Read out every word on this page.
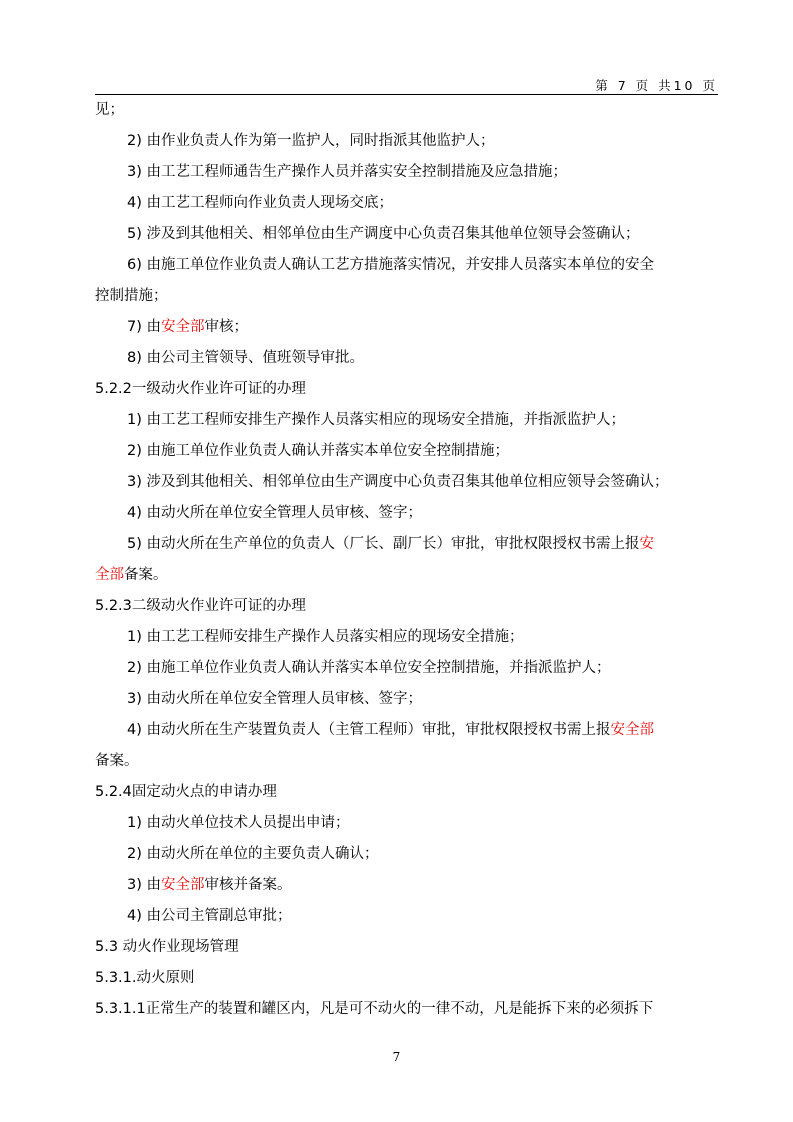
第 7 页 共10 页
见；
2) 由作业负责人作为第一监护人，同时指派其他监护人；
3) 由工艺工程师通告生产操作人员并落实安全控制措施及应急措施；
4) 由工艺工程师向作业负责人现场交底；
5) 涉及到其他相关、相邻单位由生产调度中心负责召集其他单位领导会签确认；
6) 由施工单位作业负责人确认工艺方措施落实情况，并安排人员落实本单位的安全
控制措施；
7) 由安全部审核；
8) 由公司主管领导、值班领导审批。
5.2.2一级动火作业许可证的办理
1) 由工艺工程师安排生产操作人员落实相应的现场安全措施，并指派监护人；
2) 由施工单位作业负责人确认并落实本单位安全控制措施；
3) 涉及到其他相关、相邻单位由生产调度中心负责召集其他单位相应领导会签确认；
4) 由动火所在单位安全管理人员审核、签字；
5) 由动火所在生产单位的负责人（厂长、副厂长）审批，审批权限授权书需上报安
全部备案。
5.2.3二级动火作业许可证的办理
1) 由工艺工程师安排生产操作人员落实相应的现场安全措施；
2) 由施工单位作业负责人确认并落实本单位安全控制措施，并指派监护人；
3) 由动火所在单位安全管理人员审核、签字；
4) 由动火所在生产装置负责人（主管工程师）审批，审批权限授权书需上报安全部
备案。
5.2.4固定动火点的申请办理
1) 由动火单位技术人员提出申请；
2) 由动火所在单位的主要负责人确认；
3) 由安全部审核并备案。
4) 由公司主管副总审批；
5.3 动火作业现场管理
5.3.1.动火原则
5.3.1.1正常生产的装置和罐区内，凡是可不动火的一律不动，凡是能拆下来的必须拆下
7
